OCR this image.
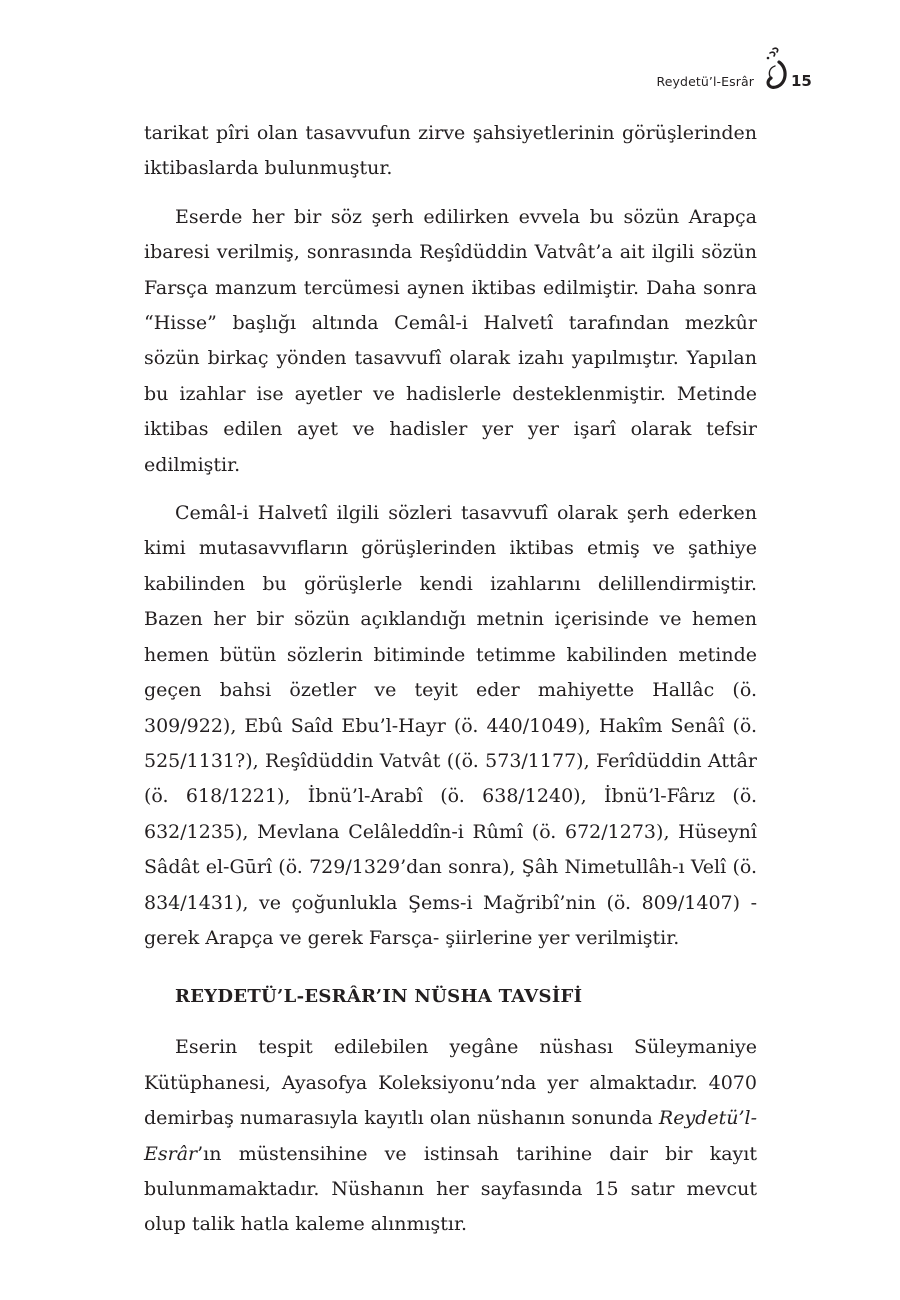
Reydetü’l-Esrâr 15

tarikat pîri olan tasavvufun zirve şahsiyetlerinin görüşlerinden iktibaslarda bulunmuştur.

Eserde her bir söz şerh edilirken evvela bu sözün Arapça ibaresi verilmiş, sonrasında Reşîdüddin Vatvât’a ait ilgili sözün Farsça manzum tercümesi aynen iktibas edilmiştir. Daha sonra “Hisse” başlığı altında Cemâl-i Halvetî tarafından mezkûr sözün birkaç yönden tasavvufî olarak izahı yapılmıştır. Yapılan bu izahlar ise ayetler ve hadislerle desteklenmiştir. Metinde iktibas edilen ayet ve hadisler yer yer işarî olarak tefsir edilmiştir.

Cemâl-i Halvetî ilgili sözleri tasavvufî olarak şerh ederken kimi mutasavvıfların görüşlerinden iktibas etmiş ve şathiye kabilinden bu görüşlerle kendi izahlarını delillendirmiştir. Bazen her bir sözün açıklandığı metnin içerisinde ve hemen hemen bütün sözlerin bitiminde tetimme kabilinden metinde geçen bahsi özetler ve teyit eder mahiyette Hallâc (ö. 309/922), Ebû Saîd Ebu’l-Hayr (ö. 440/1049), Hakîm Senâî (ö. 525/1131?), Reşîdüddin Vatvât ((ö. 573/1177), Ferîdüddin Attâr (ö. 618/1221), İbnü’l-Arabî (ö. 638/1240), İbnü’l-Fârız (ö. 632/1235), Mevlana Celâleddîn-i Rûmî (ö. 672/1273), Hüseynî Sâdât el-Gūrî (ö. 729/1329’dan sonra), Şâh Nimetullâh-ı Velî (ö. 834/1431), ve çoğunlukla Şems-i Mağribî’nin (ö. 809/1407) -gerek Arapça ve gerek Farsça- şiirlerine yer verilmiştir.

REYDETÜ’L-ESRÂR’IN NÜSHA TAVSİFİ

Eserin tespit edilebilen yegâne nüshası Süleymaniye Kütüphanesi, Ayasofya Koleksiyonu’nda yer almaktadır. 4070 demirbaş numarasıyla kayıtlı olan nüshanın sonunda Reydetü’l-Esrâr’ın müstensihine ve istinsah tarihine dair bir kayıt bulunmamaktadır. Nüshanın her sayfasında 15 satır mevcut olup talik hatla kaleme alınmıştır.
